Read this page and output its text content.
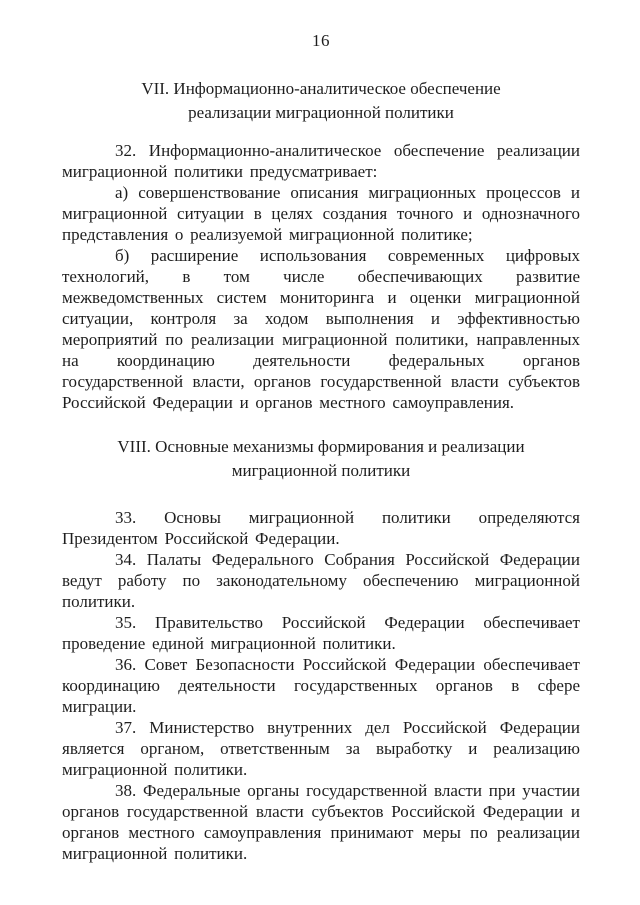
16
VII. Информационно-аналитическое обеспечение
реализации миграционной политики

32. Информационно-аналитическое обеспечение реализации миграционной политики предусматривает:

а) совершенствование описания миграционных процессов и миграционной ситуации в целях создания точного и однозначного представления о реализуемой миграционной политике;

б) расширение использования современных цифровых технологий, в том числе обеспечивающих развитие межведомственных систем мониторинга и оценки миграционной ситуации, контроля за ходом выполнения и эффективностью мероприятий по реализации миграционной политики, направленных на координацию деятельности федеральных органов государственной власти, органов государственной власти субъектов Российской Федерации и органов местного самоуправления.

VIII. Основные механизмы формирования и реализации
миграционной политики

33. Основы миграционной политики определяются Президентом Российской Федерации.

34. Палаты Федерального Собрания Российской Федерации ведут работу по законодательному обеспечению миграционной политики.

35. Правительство Российской Федерации обеспечивает проведение единой миграционной политики.

36. Совет Безопасности Российской Федерации обеспечивает координацию деятельности государственных органов в сфере миграции.

37. Министерство внутренних дел Российской Федерации является органом, ответственным за выработку и реализацию миграционной политики.

38. Федеральные органы государственной власти при участии органов государственной власти субъектов Российской Федерации и органов местного самоуправления принимают меры по реализации миграционной политики.
